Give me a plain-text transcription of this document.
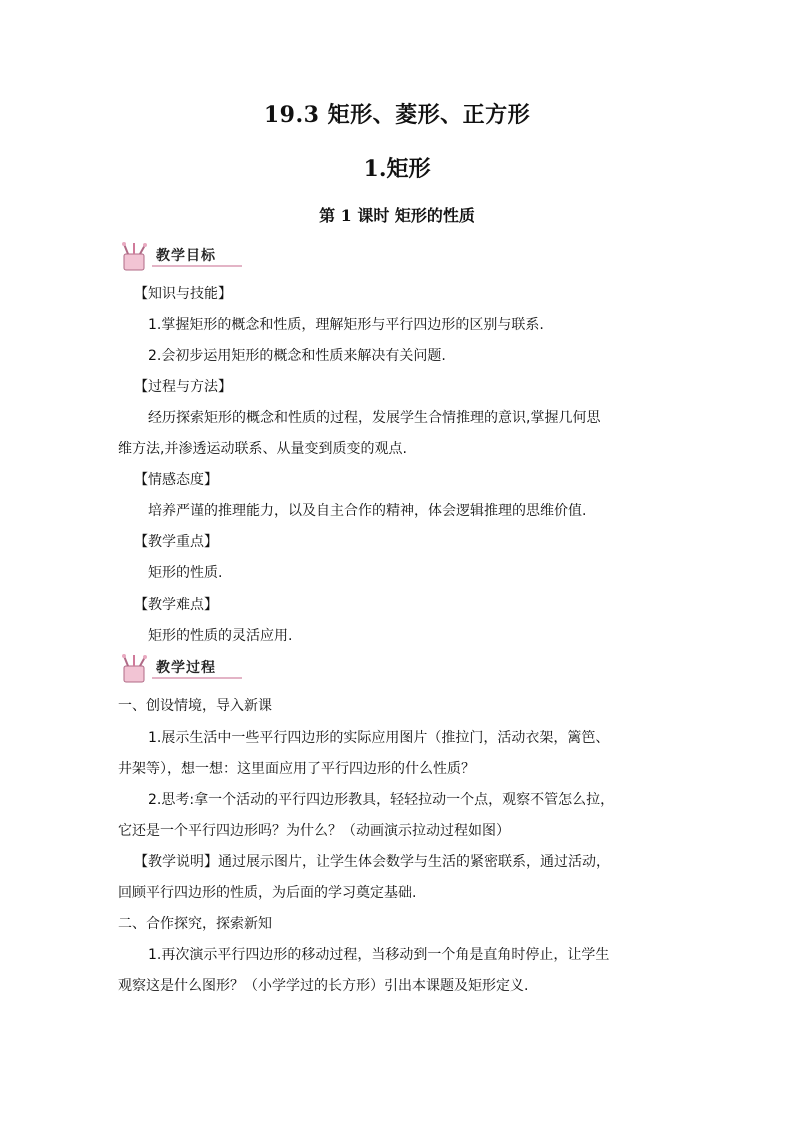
19.3 矩形、菱形、正方形
1.矩形
第 1 课时 矩形的性质
教学目标
【知识与技能】
1.掌握矩形的概念和性质，理解矩形与平行四边形的区别与联系.
2.会初步运用矩形的概念和性质来解决有关问题.
【过程与方法】
经历探索矩形的概念和性质的过程，发展学生合情推理的意识,掌握几何思
维方法,并渗透运动联系、从量变到质变的观点.
【情感态度】
培养严谨的推理能力，以及自主合作的精神，体会逻辑推理的思维价值.
【教学重点】
矩形的性质.
【教学难点】
矩形的性质的灵活应用.
教学过程
一、创设情境，导入新课
1.展示生活中一些平行四边形的实际应用图片（推拉门，活动衣架，篱笆、
井架等），想一想：这里面应用了平行四边形的什么性质？
2.思考:拿一个活动的平行四边形教具，轻轻拉动一个点，观察不管怎么拉，
它还是一个平行四边形吗？为什么？（动画演示拉动过程如图）
【教学说明】通过展示图片，让学生体会数学与生活的紧密联系，通过活动，
回顾平行四边形的性质，为后面的学习奠定基础.
二、合作探究，探索新知
1.再次演示平行四边形的移动过程，当移动到一个角是直角时停止，让学生
观察这是什么图形？（小学学过的长方形）引出本课题及矩形定义.
